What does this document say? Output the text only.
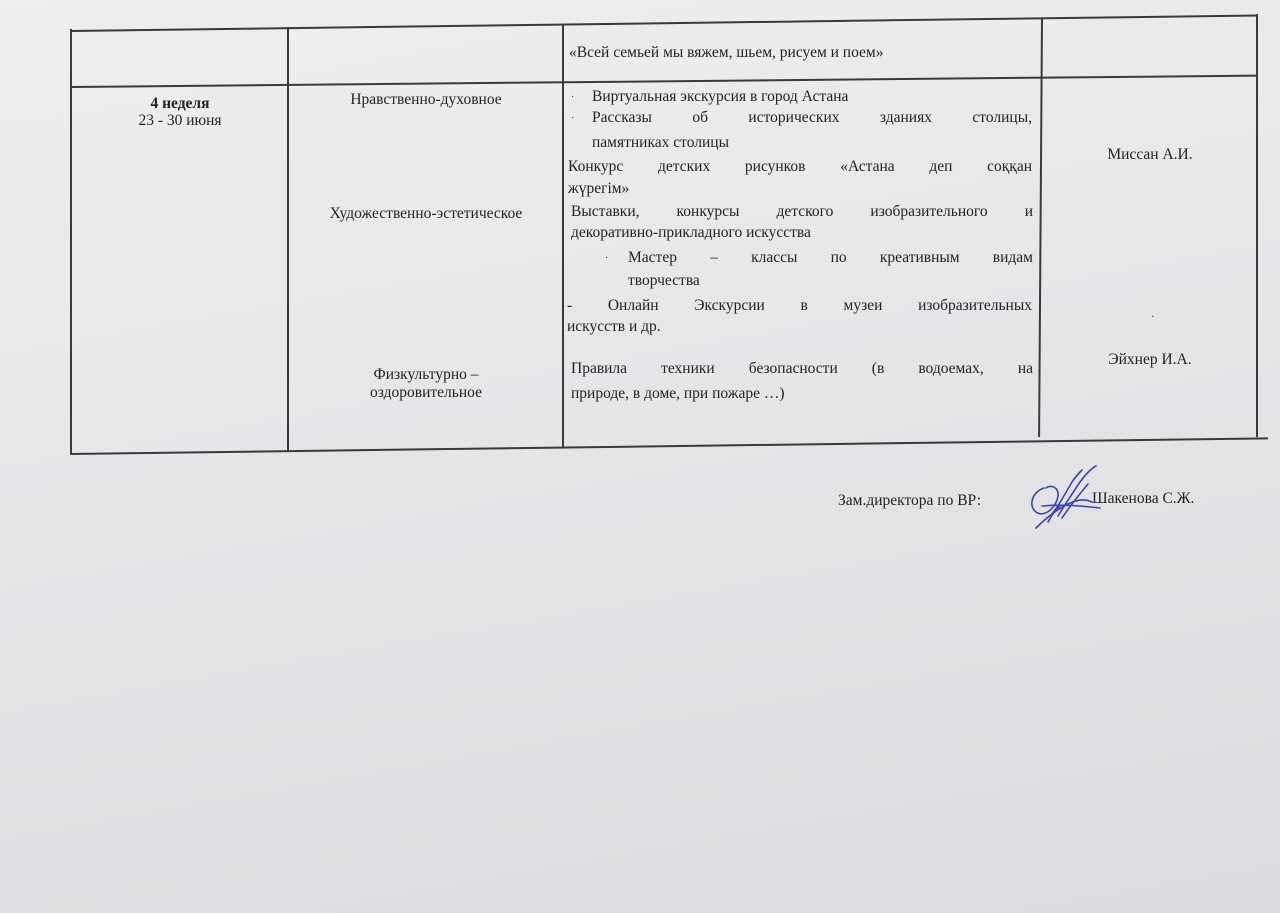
«Всей семьей мы вяжем, шьем, рисуем и поем»
4 неделя
23 - 30 июня
Нравственно-духовное
Художественно-эстетическое
Физкультурно –
оздоровительное
· Виртуальная экскурсия в город Астана
· Рассказы об исторических зданиях столицы,
памятниках столицы
Конкурс детских рисунков «Астана деп соққан
жүрегім»
Выставки, конкурсы детского изобразительного и
декоративно-прикладного искусства
· Мастер – классы по креативным видам
творчества
- Онлайн Экскурсии в музеи изобразительных
искусств и др.
Правила техники безопасности (в водоемах, на
природе, в доме, при пожаре …)
Миссан А.И.
Эйхнер И.А.
·
Зам.директора по ВР:	Шакенова С.Ж.
